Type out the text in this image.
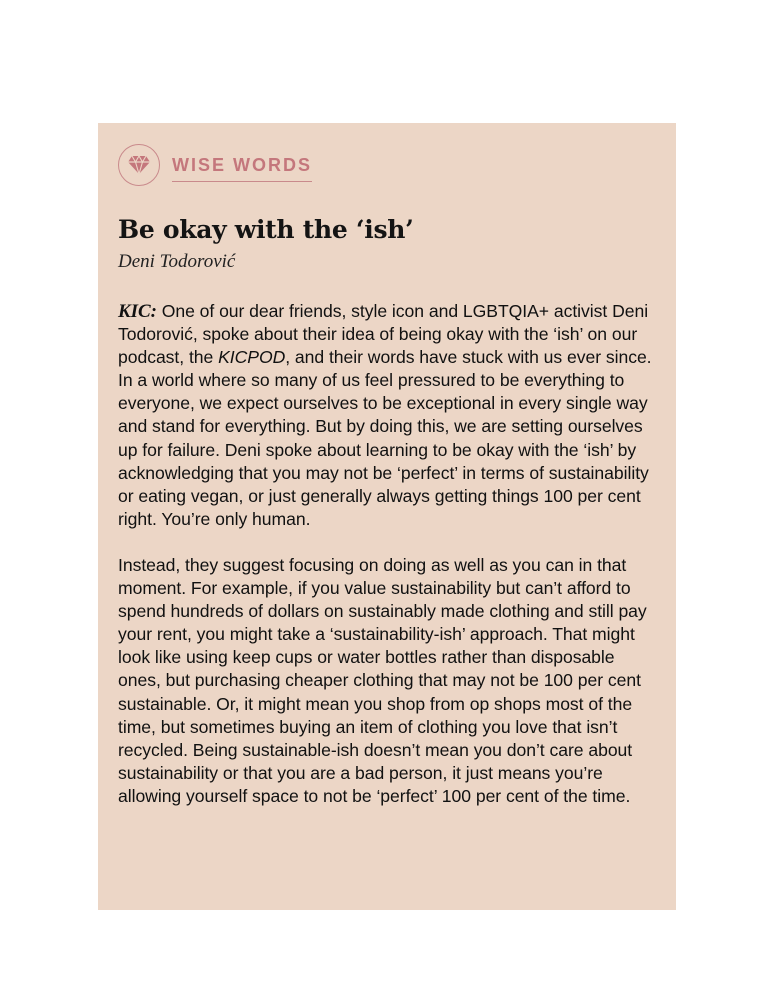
WISE WORDS
Be okay with the ‘ish’
Deni Todorović

KIC: One of our dear friends, style icon and LGBTQIA+ activist Deni Todorović, spoke about their idea of being okay with the ‘ish’ on our podcast, the KICPOD, and their words have stuck with us ever since. In a world where so many of us feel pressured to be everything to everyone, we expect ourselves to be exceptional in every single way and stand for everything. But by doing this, we are setting ourselves up for failure. Deni spoke about learning to be okay with the ‘ish’ by acknowledging that you may not be ‘perfect’ in terms of sustainability or eating vegan, or just generally always getting things 100 per cent right. You’re only human.

Instead, they suggest focusing on doing as well as you can in that moment. For example, if you value sustainability but can’t afford to spend hundreds of dollars on sustainably made clothing and still pay your rent, you might take a ‘sustainability-ish’ approach. That might look like using keep cups or water bottles rather than disposable ones, but purchasing cheaper clothing that may not be 100 per cent sustainable. Or, it might mean you shop from op shops most of the time, but sometimes buying an item of clothing you love that isn’t recycled. Being sustainable-ish doesn’t mean you don’t care about sustainability or that you are a bad person, it just means you’re allowing yourself space to not be ‘perfect’ 100 per cent of the time.
